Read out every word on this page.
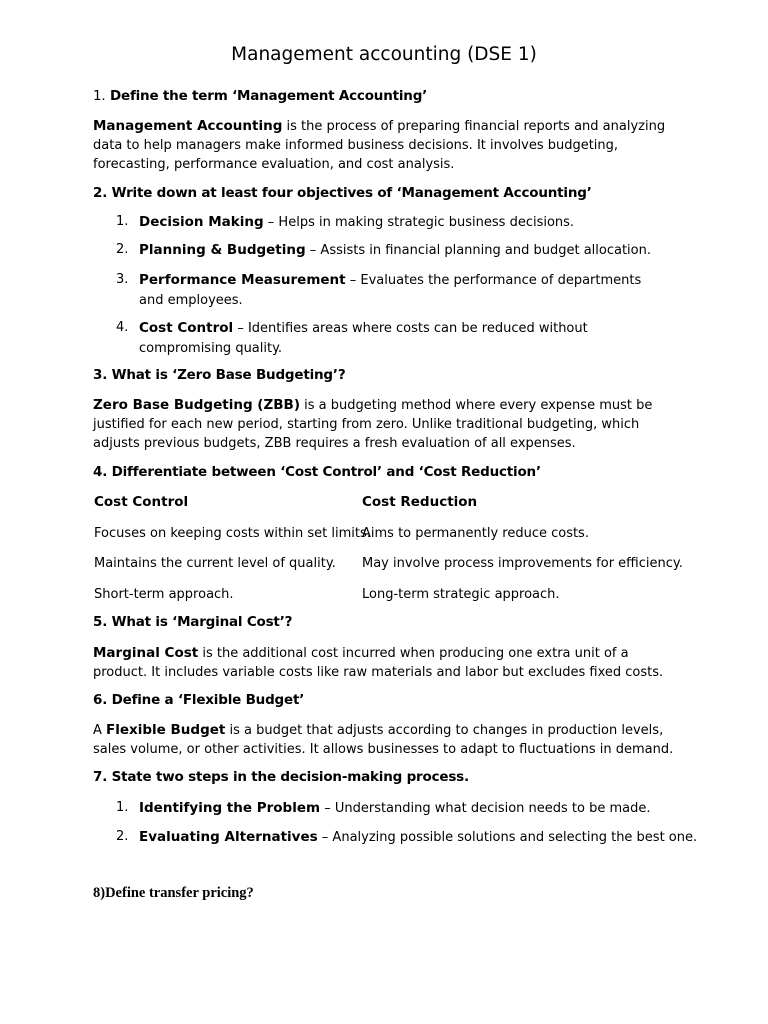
Management accounting (DSE 1)
1. Define the term ‘Management Accounting’
Management Accounting is the process of preparing financial reports and analyzing data to help managers make informed business decisions. It involves budgeting, forecasting, performance evaluation, and cost analysis.
2. Write down at least four objectives of ‘Management Accounting’
1. Decision Making – Helps in making strategic business decisions.
2. Planning & Budgeting – Assists in financial planning and budget allocation.
3. Performance Measurement – Evaluates the performance of departments and employees.
4. Cost Control – Identifies areas where costs can be reduced without compromising quality.
3. What is ‘Zero Base Budgeting’?
Zero Base Budgeting (ZBB) is a budgeting method where every expense must be justified for each new period, starting from zero. Unlike traditional budgeting, which adjusts previous budgets, ZBB requires a fresh evaluation of all expenses.
4. Differentiate between ‘Cost Control’ and ‘Cost Reduction’
Cost Control	Cost Reduction
Focuses on keeping costs within set limits.
Aims to permanently reduce costs.
Maintains the current level of quality. May involve process improvements for efficiency.
Short-term approach.	Long-term strategic approach.
5. What is ‘Marginal Cost’?
Marginal Cost is the additional cost incurred when producing one extra unit of a product. It includes variable costs like raw materials and labor but excludes fixed costs.
6. Define a ‘Flexible Budget’
A Flexible Budget is a budget that adjusts according to changes in production levels, sales volume, or other activities. It allows businesses to adapt to fluctuations in demand.
7. State two steps in the decision-making process.
1. Identifying the Problem – Understanding what decision needs to be made.
2. Evaluating Alternatives – Analyzing possible solutions and selecting the best one.
8)Define transfer pricing?
